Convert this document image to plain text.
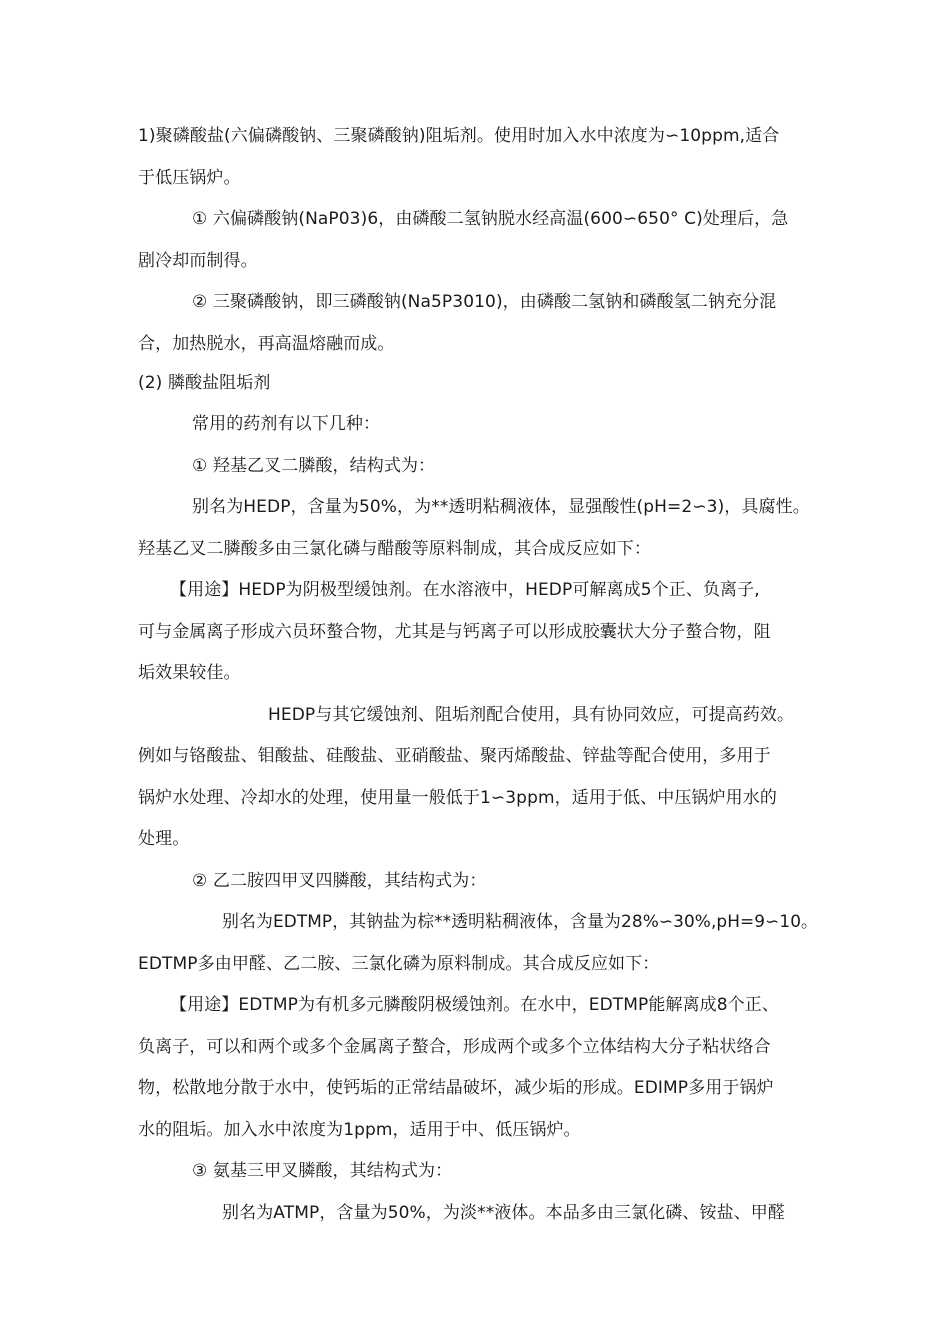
1)聚磷酸盐(六偏磷酸钠、三聚磷酸钠)阻垢剂。使用时加入水中浓度为∽10ppm,适合
于低压锅炉。
① 六偏磷酸钠(NaP03)6，由磷酸二氢钠脱水经高温(600∽650° C)处理后，急
剧冷却而制得。
② 三聚磷酸钠，即三磷酸钠(Na5P3010)，由磷酸二氢钠和磷酸氢二钠充分混
合，加热脱水，再高温熔融而成。
(2) 膦酸盐阻垢剂
常用的药剂有以下几种：
① 羟基乙叉二膦酸，结构式为：
别名为HEDP，含量为50%，为**透明粘稠液体，显强酸性(pH=2∽3)，具腐性。
羟基乙叉二膦酸多由三氯化磷与醋酸等原料制成，其合成反应如下：
【用途】HEDP为阴极型缓蚀剂。在水溶液中，HEDP可解离成5个正、负离子,
可与金属离子形成六员环螯合物，尤其是与钙离子可以形成胶囊状大分子螯合物，阻
垢效果较佳。
HEDP与其它缓蚀剂、阻垢剂配合使用，具有协同效应，可提高药效。
例如与铬酸盐、钼酸盐、硅酸盐、亚硝酸盐、聚丙烯酸盐、锌盐等配合使用，多用于
锅炉水处理、冷却水的处理，使用量一般低于1∽3ppm，适用于低、中压锅炉用水的
处理。
② 乙二胺四甲叉四膦酸，其结构式为：
别名为EDTMP，其钠盐为棕**透明粘稠液体，含量为28%∽30%,pH=9∽10。
EDTMP多由甲醛、乙二胺、三氯化磷为原料制成。其合成反应如下：
【用途】EDTMP为有机多元膦酸阴极缓蚀剂。在水中，EDTMP能解离成8个正、
负离子，可以和两个或多个金属离子螯合，形成两个或多个立体结构大分子粘状络合
物，松散地分散于水中，使钙垢的正常结晶破坏，减少垢的形成。EDIMP多用于锅炉
水的阻垢。加入水中浓度为1ppm，适用于中、低压锅炉。
③ 氨基三甲叉膦酸，其结构式为：
别名为ATMP，含量为50%，为淡**液体。本品多由三氯化磷、铵盐、甲醛
